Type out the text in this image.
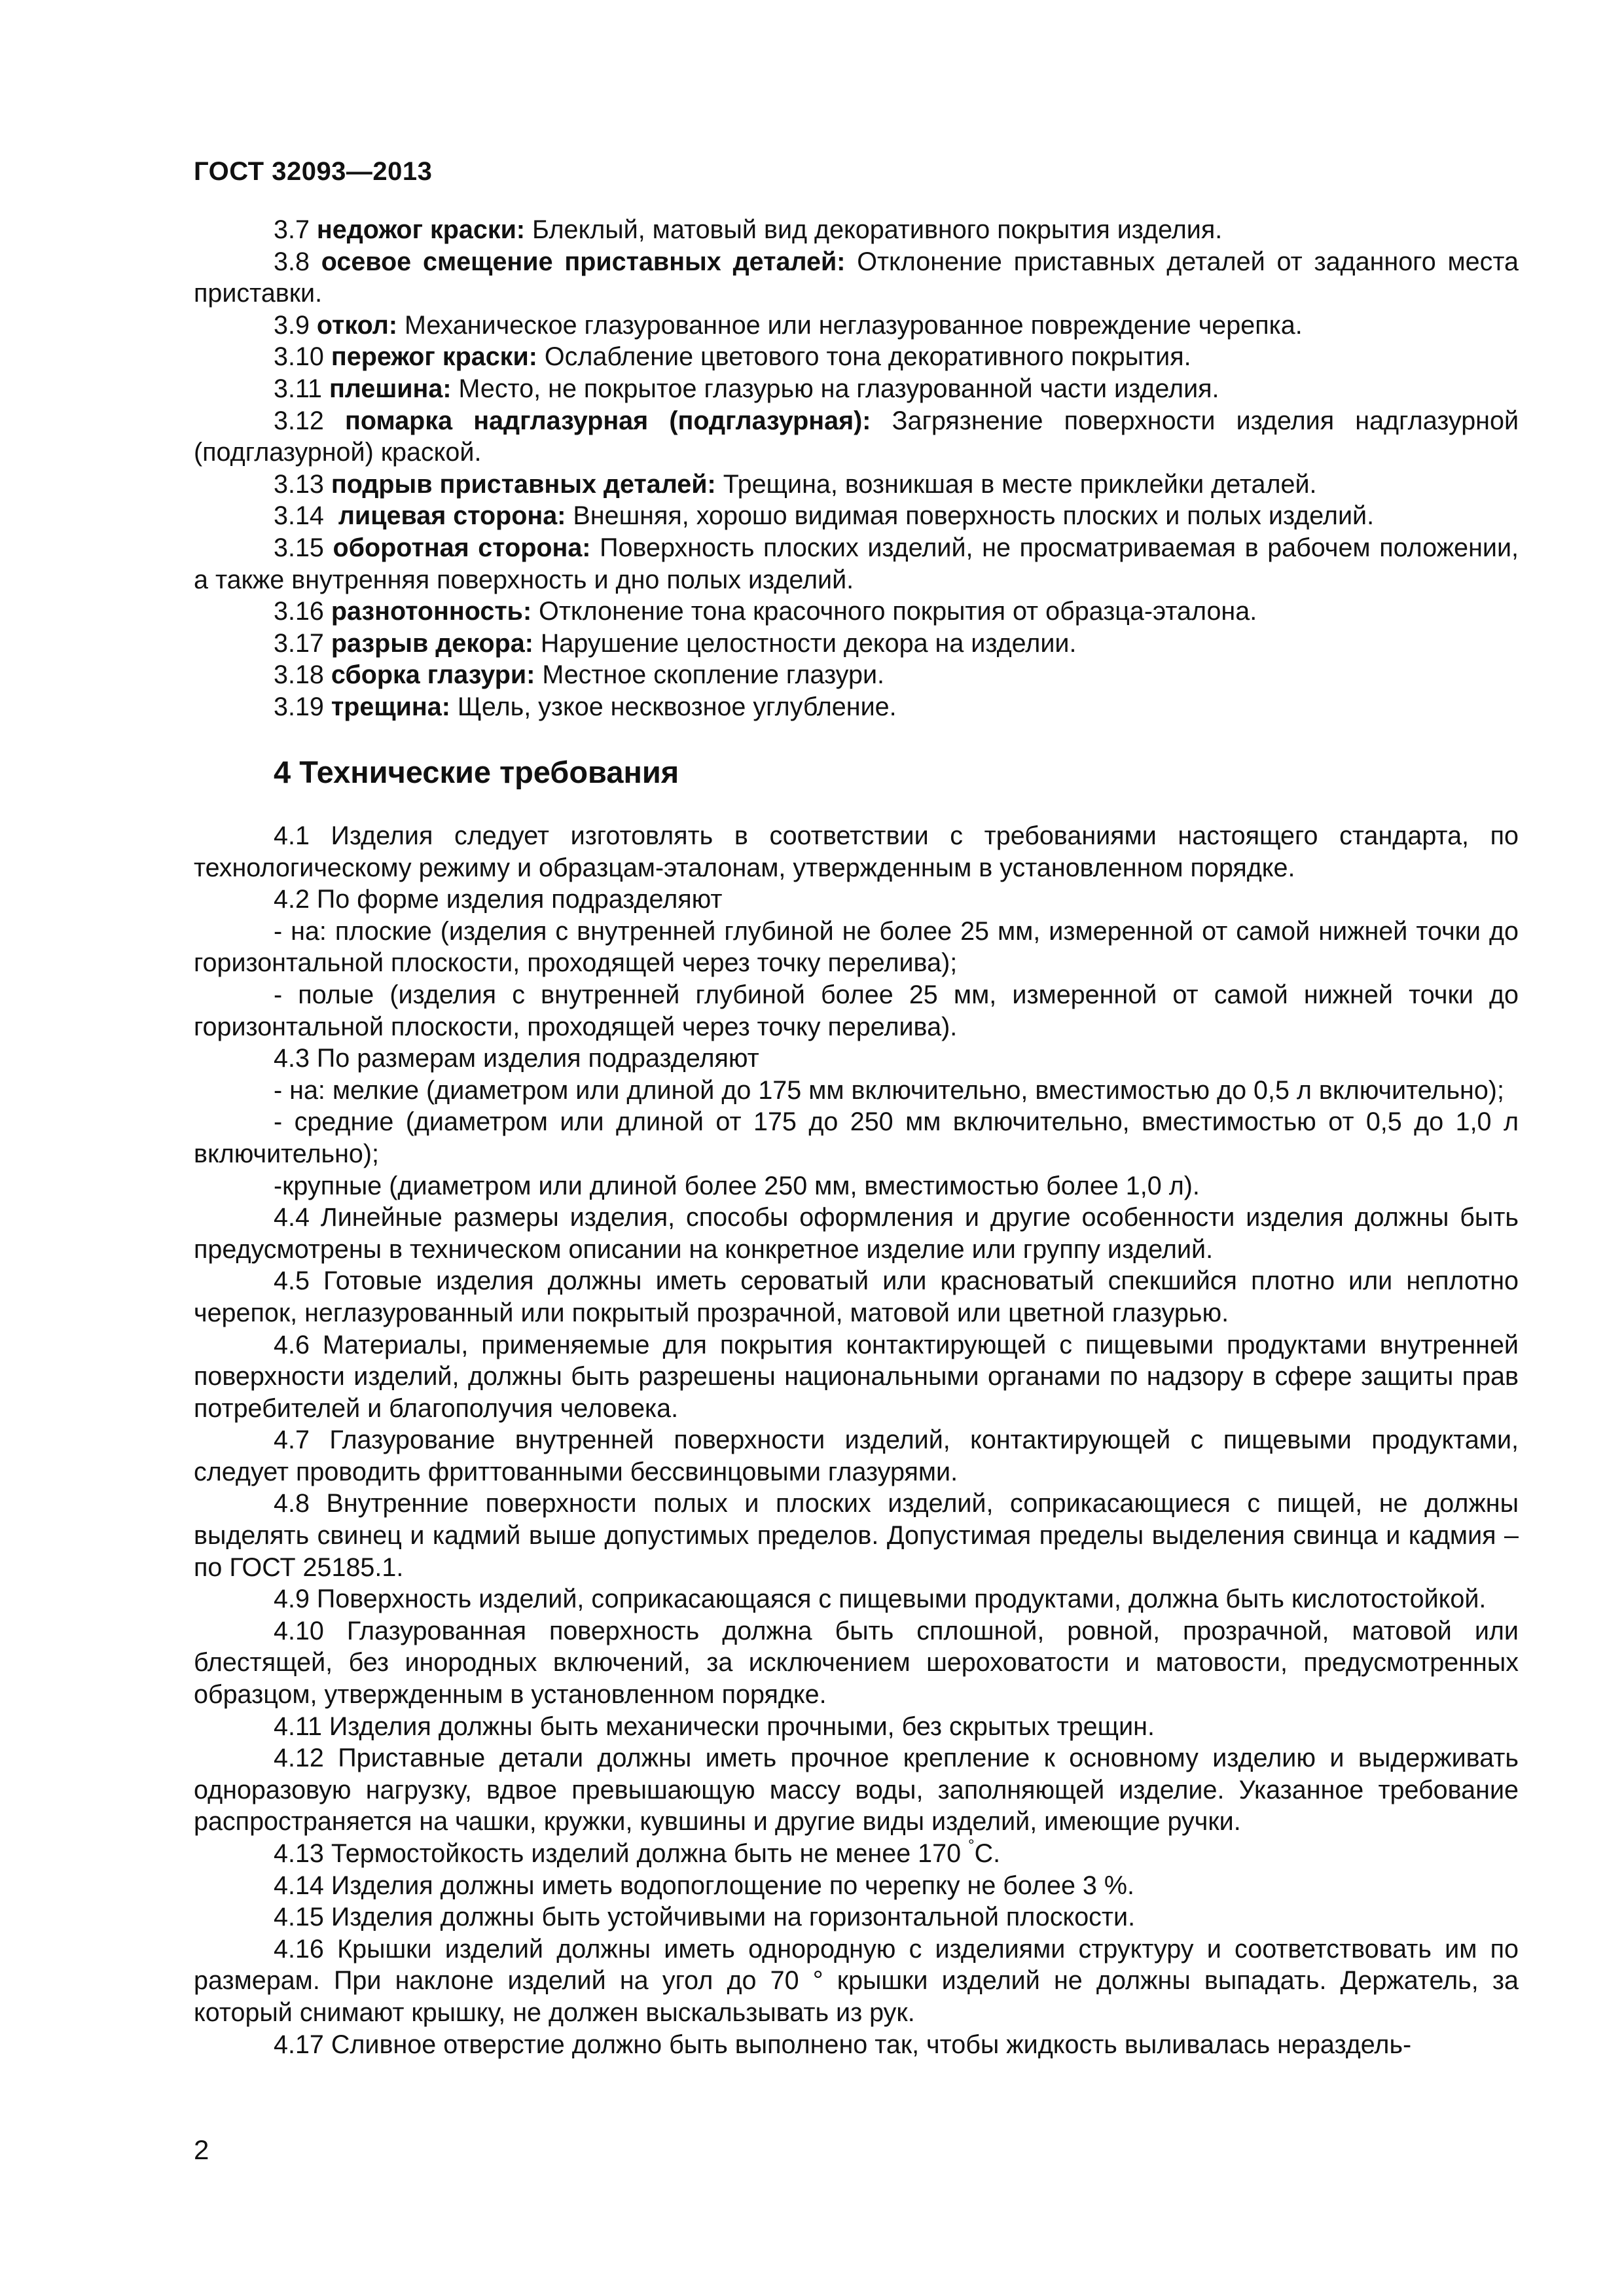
ГОСТ 32093—2013

3.7 недожог краски: Блеклый, матовый вид декоративного покрытия изделия.

3.8 осевое смещение приставных деталей: Отклонение приставных деталей от заданного места приставки.

3.9 откол: Механическое глазурованное или неглазурованное повреждение черепка.

3.10 пережог краски: Ослабление цветового тона декоративного покрытия.

3.11 плешина: Место, не покрытое глазурью на глазурованной части изделия.

3.12 помарка надглазурная (подглазурная): Загрязнение поверхности изделия надглазурной (подглазурной) краской.

3.13 подрыв приставных деталей: Трещина, возникшая в месте приклейки деталей.

3.14 лицевая сторона: Внешняя, хорошо видимая поверхность плоских и полых изделий.

3.15 оборотная сторона: Поверхность плоских изделий, не просматриваемая в рабочем положении, а также внутренняя поверхность и дно полых изделий.

3.16 разнотонность: Отклонение тона красочного покрытия от образца-эталона.

3.17 разрыв декора: Нарушение целостности декора на изделии.

3.18 сборка глазури: Местное скопление глазури.

3.19 трещина: Щель, узкое несквозное углубление.

4 Технические требования

4.1 Изделия следует изготовлять в соответствии с требованиями настоящего стандарта, по технологическому режиму и образцам-эталонам, утвержденным в установленном порядке.

4.2 По форме изделия подразделяют

- на: плоские (изделия с внутренней глубиной не более 25 мм, измеренной от самой нижней точки до горизонтальной плоскости, проходящей через точку перелива);

- полые (изделия с внутренней глубиной более 25 мм, измеренной от самой нижней точки до горизонтальной плоскости, проходящей через точку перелива).

4.3 По размерам изделия подразделяют

- на: мелкие (диаметром или длиной до 175 мм включительно, вместимостью до 0,5 л включительно);

- средние (диаметром или длиной от 175 до 250 мм включительно, вместимостью от 0,5 до 1,0 л включительно);

-крупные (диаметром или длиной более 250 мм, вместимостью более 1,0 л).

4.4 Линейные размеры изделия, способы оформления и другие особенности изделия должны быть предусмотрены в техническом описании на конкретное изделие или группу изделий.

4.5 Готовые изделия должны иметь сероватый или красноватый спекшийся плотно или неплотно черепок, неглазурованный или покрытый прозрачной, матовой или цветной глазурью.

4.6 Материалы, применяемые для покрытия контактирующей с пищевыми продуктами внутренней поверхности изделий, должны быть разрешены национальными органами по надзору в сфере защиты прав потребителей и благополучия человека.

4.7 Глазурование внутренней поверхности изделий, контактирующей с пищевыми продуктами, следует проводить фриттованными бессвинцовыми глазурями.

4.8 Внутренние поверхности полых и плоских изделий, соприкасающиеся с пищей, не должны выделять свинец и кадмий выше допустимых пределов. Допустимая пределы выделения свинца и кадмия – по ГОСТ 25185.1.

4.9 Поверхность изделий, соприкасающаяся с пищевыми продуктами, должна быть кислотостойкой.

4.10 Глазурованная поверхность должна быть сплошной, ровной, прозрачной, матовой или блестящей, без инородных включений, за исключением шероховатости и матовости, предусмотренных образцом, утвержденным в установленном порядке.

4.11 Изделия должны быть механически прочными, без скрытых трещин.

4.12 Приставные детали должны иметь прочное крепление к основному изделию и выдерживать одноразовую нагрузку, вдвое превышающую массу воды, заполняющей изделие. Указанное требование распространяется на чашки, кружки, кувшины и другие виды изделий, имеющие ручки.

4.13 Термостойкость изделий должна быть не менее 170 °С.

4.14 Изделия должны иметь водопоглощение по черепку не более 3 %.

4.15 Изделия должны быть устойчивыми на горизонтальной плоскости.

4.16 Крышки изделий должны иметь однородную с изделиями структуру и соответствовать им по размерам. При наклоне изделий на угол до 70 ° крышки изделий не должны выпадать. Держатель, за который снимают крышку, не должен выскальзывать из рук.

4.17 Сливное отверстие должно быть выполнено так, чтобы жидкость выливалась нераздель-

2
